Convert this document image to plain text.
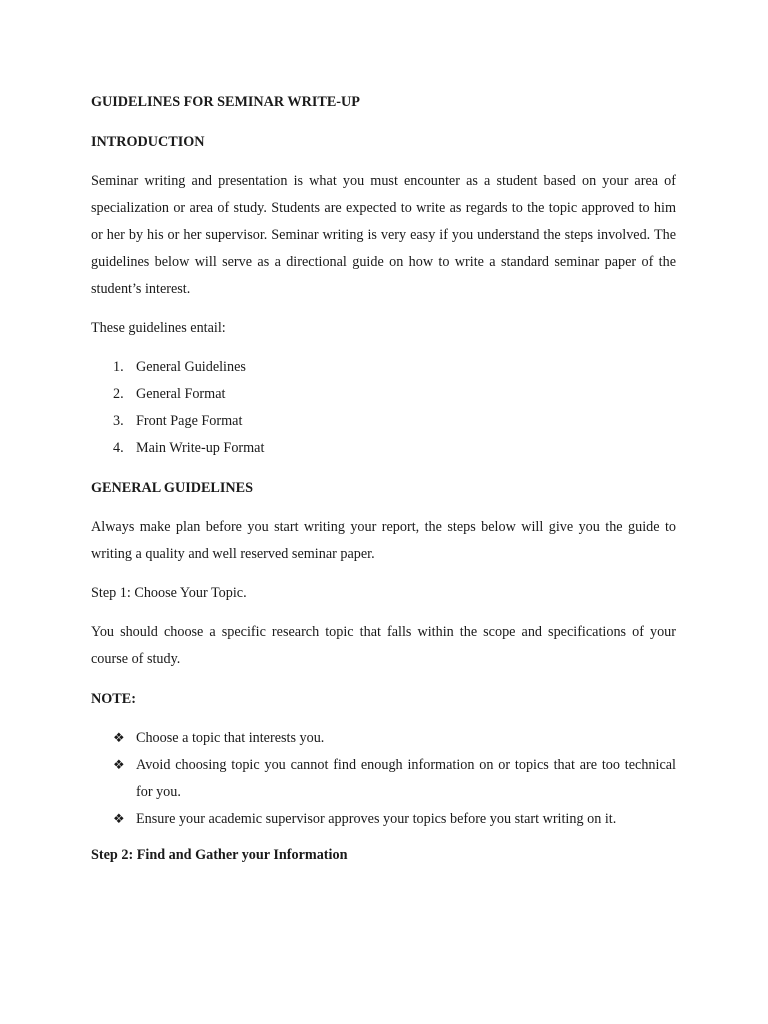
GUIDELINES FOR SEMINAR WRITE-UP

INTRODUCTION

Seminar writing and presentation is what you must encounter as a student based on your area of specialization or area of study. Students are expected to write as regards to the topic approved to him or her by his or her supervisor. Seminar writing is very easy if you understand the steps involved. The guidelines below will serve as a directional guide on how to write a standard seminar paper of the student’s interest.

These guidelines entail:

1. General Guidelines
2. General Format
3. Front Page Format
4. Main Write-up Format

GENERAL GUIDELINES

Always make plan before you start writing your report, the steps below will give you the guide to writing a quality and well reserved seminar paper.

Step 1: Choose Your Topic.

You should choose a specific research topic that falls within the scope and specifications of your course of study.

NOTE:

❖ Choose a topic that interests you.
❖ Avoid choosing topic you cannot find enough information on or topics that are too technical for you.
❖ Ensure your academic supervisor approves your topics before you start writing on it.

Step 2: Find and Gather your Information
